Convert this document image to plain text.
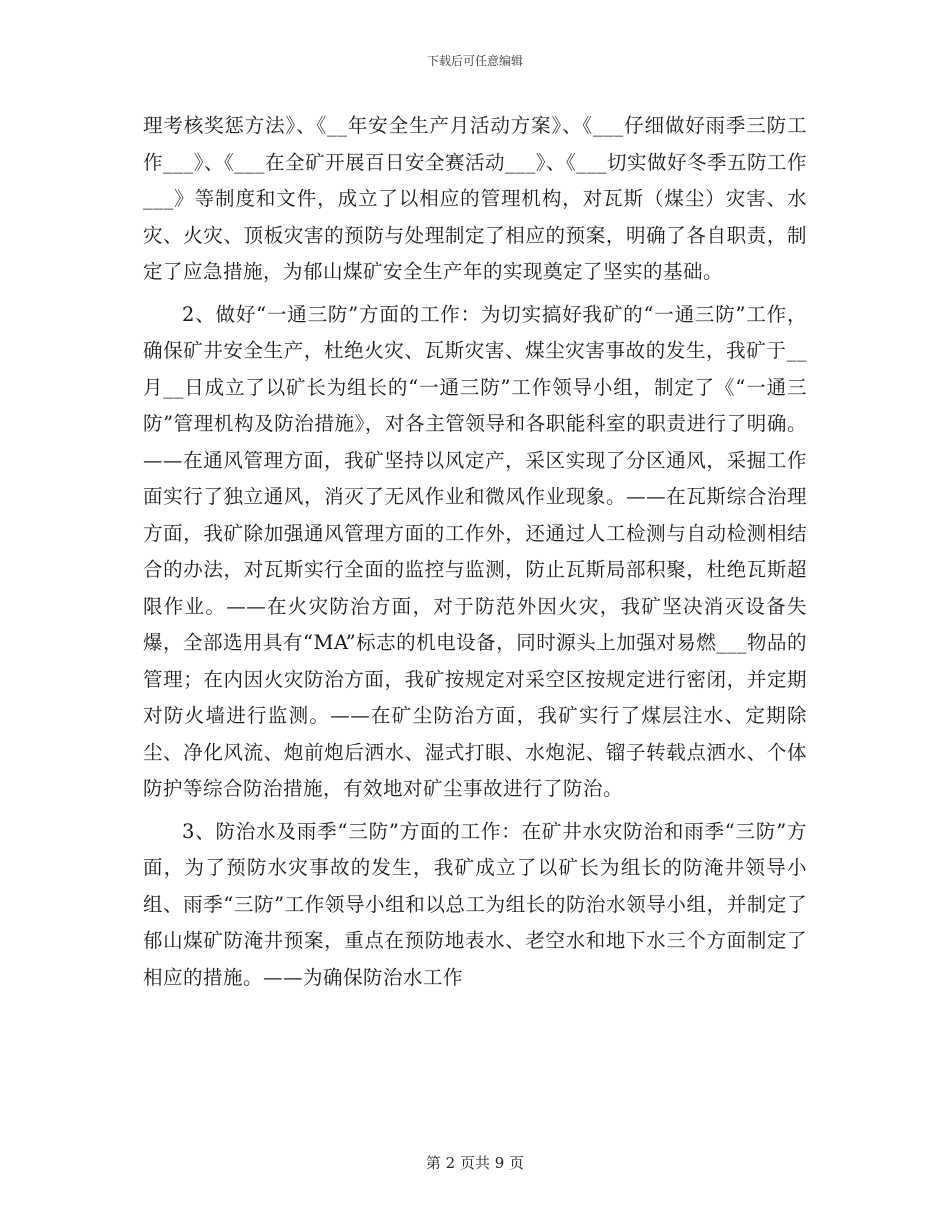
下载后可任意编辑

理考核奖惩方法》、《__年安全生产月活动方案》、《___仔细做好雨季三防工作___》、《___在全矿开展百日安全赛活动___》、《___切实做好冬季五防工作___》等制度和文件，成立了以相应的管理机构，对瓦斯（煤尘）灾害、水灾、火灾、顶板灾害的预防与处理制定了相应的预案，明确了各自职责，制定了应急措施，为郁山煤矿安全生产年的实现奠定了坚实的基础。

2、做好“一通三防”方面的工作：为切实搞好我矿的“一通三防”工作，确保矿井安全生产，杜绝火灾、瓦斯灾害、煤尘灾害事故的发生，我矿于__月__日成立了以矿长为组长的“一通三防”工作领导小组，制定了《“一通三防”管理机构及防治措施》，对各主管领导和各职能科室的职责进行了明确。——在通风管理方面，我矿坚持以风定产，采区实现了分区通风，采掘工作面实行了独立通风，消灭了无风作业和微风作业现象。——在瓦斯综合治理方面，我矿除加强通风管理方面的工作外，还通过人工检测与自动检测相结合的办法，对瓦斯实行全面的监控与监测，防止瓦斯局部积聚，杜绝瓦斯超限作业。——在火灾防治方面，对于防范外因火灾，我矿坚决消灭设备失爆，全部选用具有“MA”标志的机电设备，同时源头上加强对易燃___物品的管理；在内因火灾防治方面，我矿按规定对采空区按规定进行密闭，并定期对防火墙进行监测。——在矿尘防治方面，我矿实行了煤层注水、定期除尘、净化风流、炮前炮后洒水、湿式打眼、水炮泥、镏子转载点洒水、个体防护等综合防治措施，有效地对矿尘事故进行了防治。

3、防治水及雨季“三防”方面的工作：在矿井水灾防治和雨季“三防”方面，为了预防水灾事故的发生，我矿成立了以矿长为组长的防淹井领导小组、雨季“三防”工作领导小组和以总工为组长的防治水领导小组，并制定了郁山煤矿防淹井预案，重点在预防地表水、老空水和地下水三个方面制定了相应的措施。——为确保防治水工作

第 2 页共 9 页
